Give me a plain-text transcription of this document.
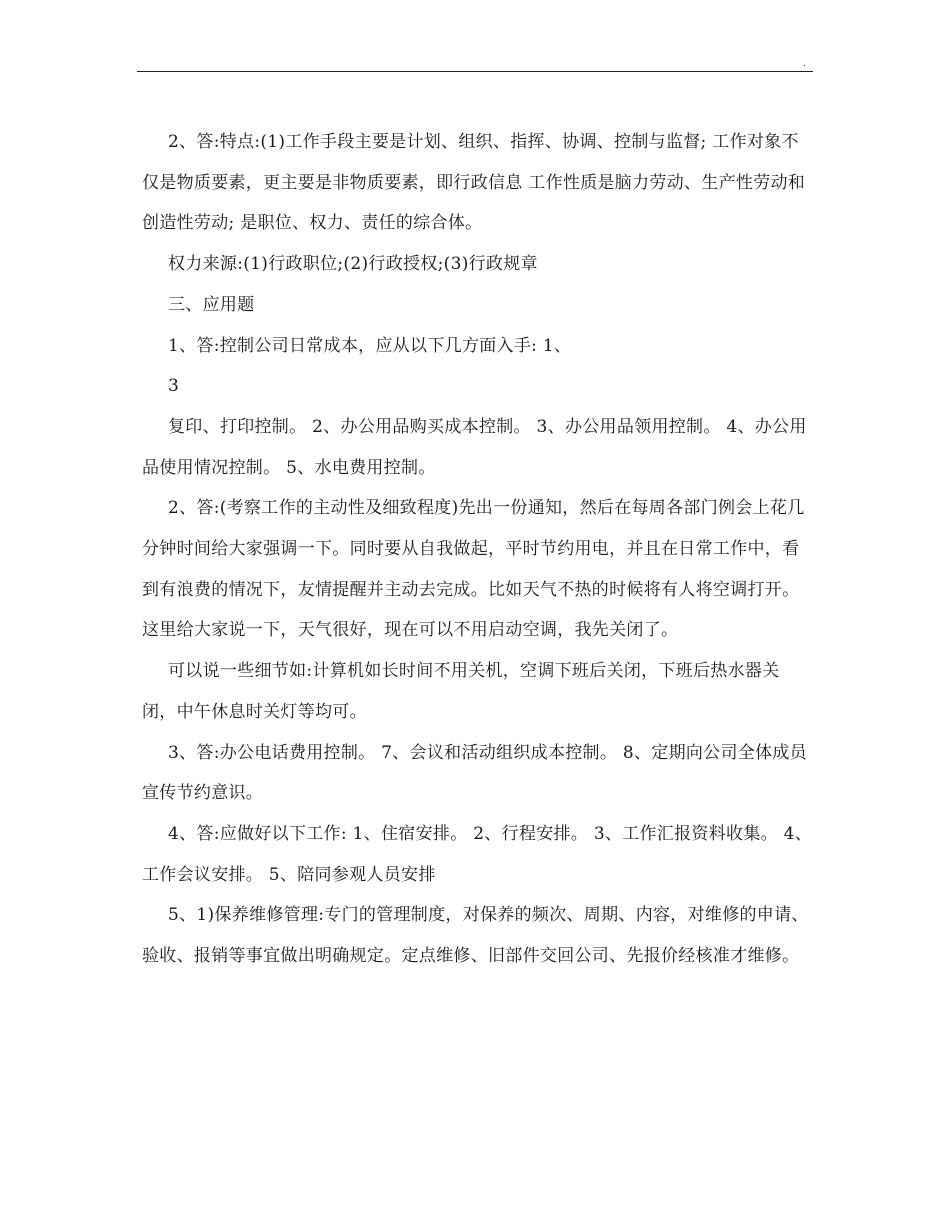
.

2、答:特点:(1)工作手段主要是计划、组织、指挥、协调、控制与监督; 工作对象不仅是物质要素，更主要是非物质要素，即行政信息 工作性质是脑力劳动、生产性劳动和创造性劳动; 是职位、权力、责任的综合体。

权力来源:(1)行政职位;(2)行政授权;(3)行政规章

三、应用题

1、答:控制公司日常成本，应从以下几方面入手: 1、

3

复印、打印控制。 2、办公用品购买成本控制。 3、办公用品领用控制。 4、办公用品使用情况控制。 5、水电费用控制。

2、答:(考察工作的主动性及细致程度)先出一份通知，然后在每周各部门例会上花几分钟时间给大家强调一下。同时要从自我做起，平时节约用电，并且在日常工作中，看到有浪费的情况下，友情提醒并主动去完成。比如天气不热的时候将有人将空调打开。这里给大家说一下，天气很好，现在可以不用启动空调，我先关闭了。

可以说一些细节如:计算机如长时间不用关机，空调下班后关闭，下班后热水器关闭，中午休息时关灯等均可。

3、答:办公电话费用控制。 7、会议和活动组织成本控制。 8、定期向公司全体成员宣传节约意识。

4、答:应做好以下工作: 1、住宿安排。 2、行程安排。 3、工作汇报资料收集。 4、工作会议安排。 5、陪同参观人员安排

5、1)保养维修管理:专门的管理制度，对保养的频次、周期、内容，对维修的申请、验收、报销等事宜做出明确规定。定点维修、旧部件交回公司、先报价经核准才维修。
